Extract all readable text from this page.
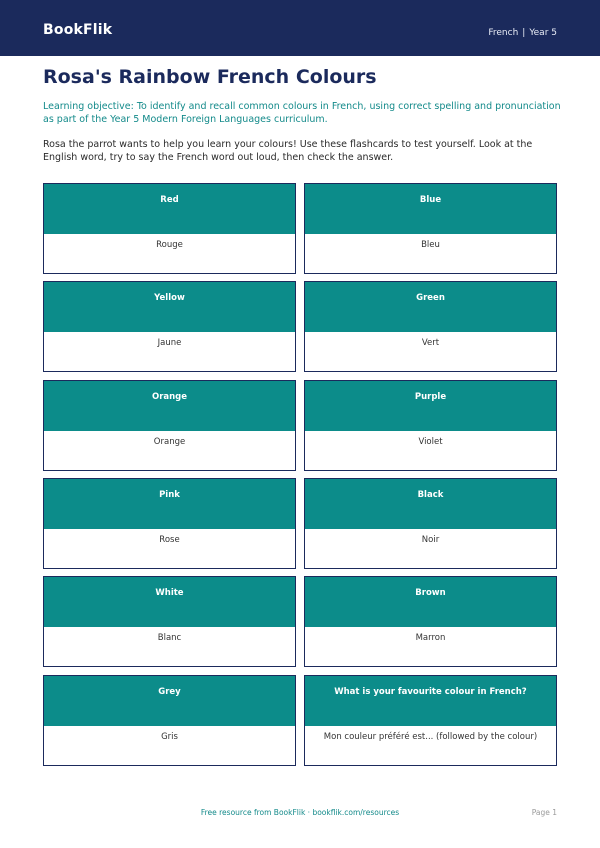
BookFlik	French | Year 5
Rosa's Rainbow French Colours
Learning objective: To identify and recall common colours in French, using correct spelling and pronunciation as part of the Year 5 Modern Foreign Languages curriculum.
Rosa the parrot wants to help you learn your colours! Use these flashcards to test yourself. Look at the English word, try to say the French word out loud, then check the answer.
Red
Rouge
Blue
Bleu
Yellow
Jaune
Green
Vert
Orange
Orange
Purple
Violet
Pink
Rose
Black
Noir
White
Blanc
Brown
Marron
Grey
Gris
What is your favourite colour in French?
Mon couleur préféré est... (followed by the colour)
Free resource from BookFlik · bookflik.com/resources	Page 1
